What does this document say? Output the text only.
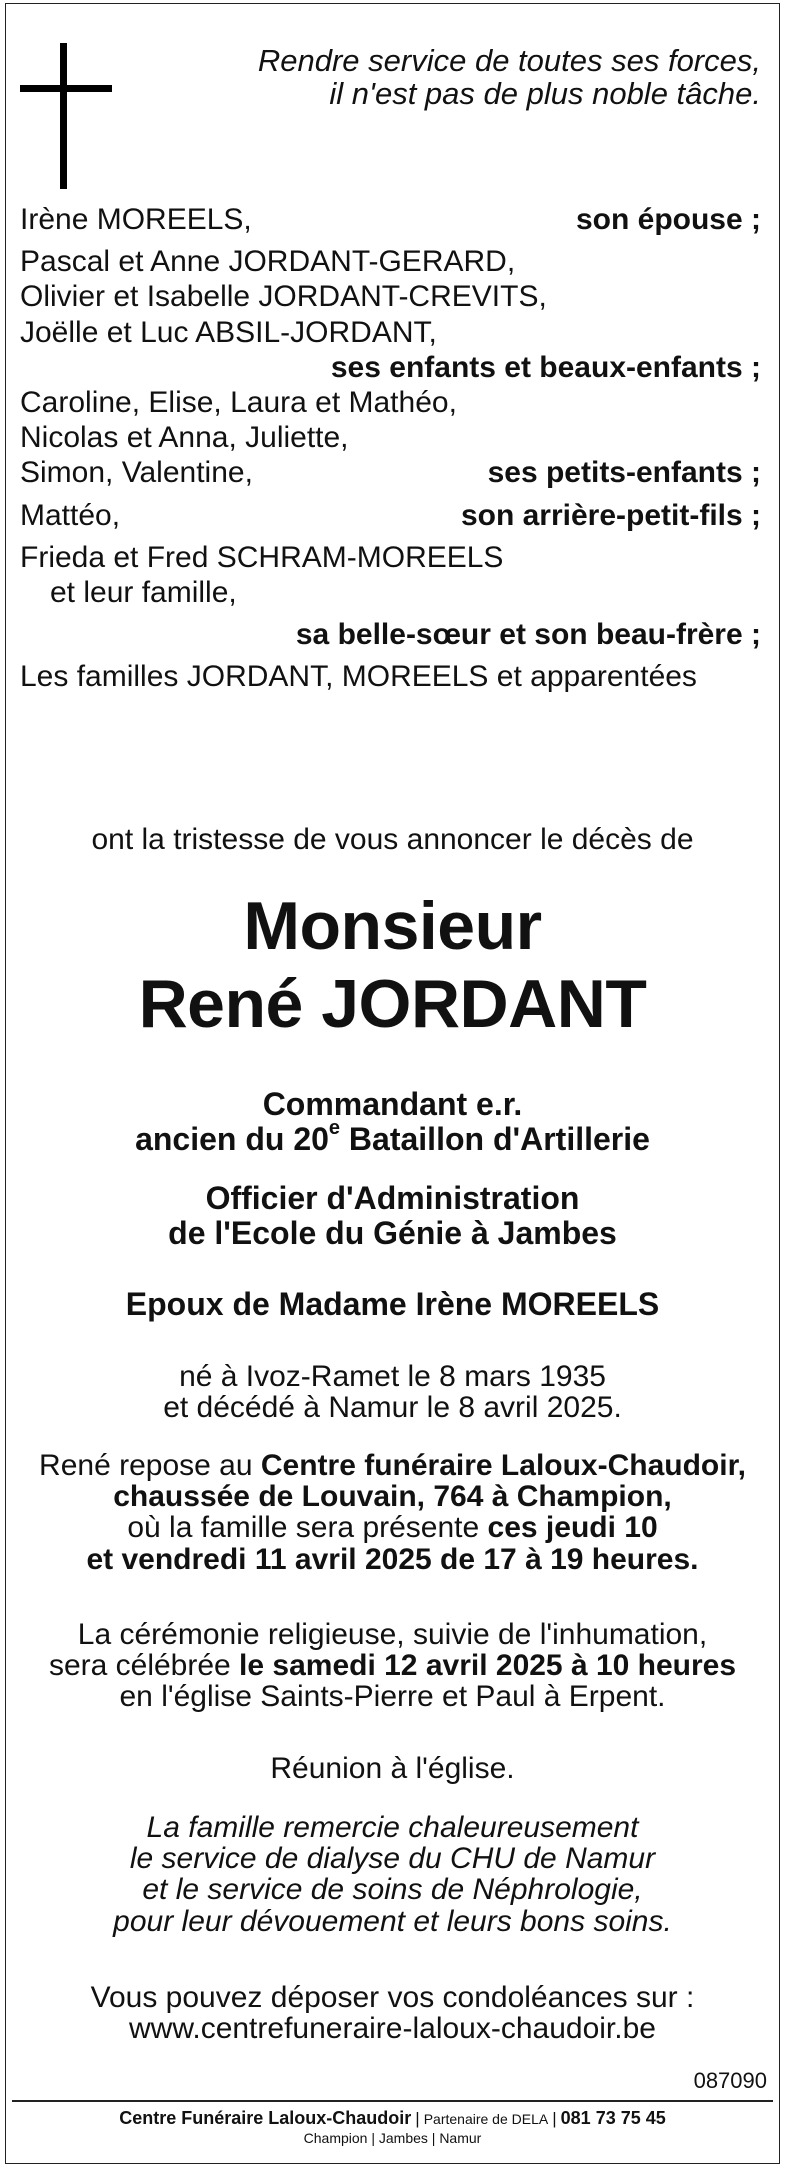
Rendre service de toutes ses forces,
il n'est pas de plus noble tâche.
Irène MOREELS,	son épouse ;
Pascal et Anne JORDANT-GERARD,
Olivier et Isabelle JORDANT-CREVITS,
Joëlle et Luc ABSIL-JORDANT,
ses enfants et beaux-enfants ;
Caroline, Elise, Laura et Mathéo,
Nicolas et Anna, Juliette,
Simon, Valentine,	ses petits-enfants ;
Mattéo,	son arrière-petit-fils ;
Frieda et Fred SCHRAM-MOREELS
et leur famille,
sa belle-sœur et son beau-frère ;
Les familles JORDANT, MOREELS et apparentées
ont la tristesse de vous annoncer le décès de
Monsieur
René JORDANT
Commandant e.r.
ancien du 20e Bataillon d'Artillerie
Officier d'Administration
de l'Ecole du Génie à Jambes
Epoux de Madame Irène MOREELS
né à Ivoz-Ramet le 8 mars 1935
et décédé à Namur le 8 avril 2025.
René repose au Centre funéraire Laloux-Chaudoir,
chaussée de Louvain, 764 à Champion,
où la famille sera présente ces jeudi 10
et vendredi 11 avril 2025 de 17 à 19 heures.
La cérémonie religieuse, suivie de l'inhumation,
sera célébrée le samedi 12 avril 2025 à 10 heures
en l'église Saints-Pierre et Paul à Erpent.
Réunion à l'église.
La famille remercie chaleureusement
le service de dialyse du CHU de Namur
et le service de soins de Néphrologie,
pour leur dévouement et leurs bons soins.
Vous pouvez déposer vos condoléances sur :
www.centrefuneraire-laloux-chaudoir.be
087090
Centre Funéraire Laloux-Chaudoir | Partenaire de DELA | 081 73 75 45
Champion | Jambes | Namur
